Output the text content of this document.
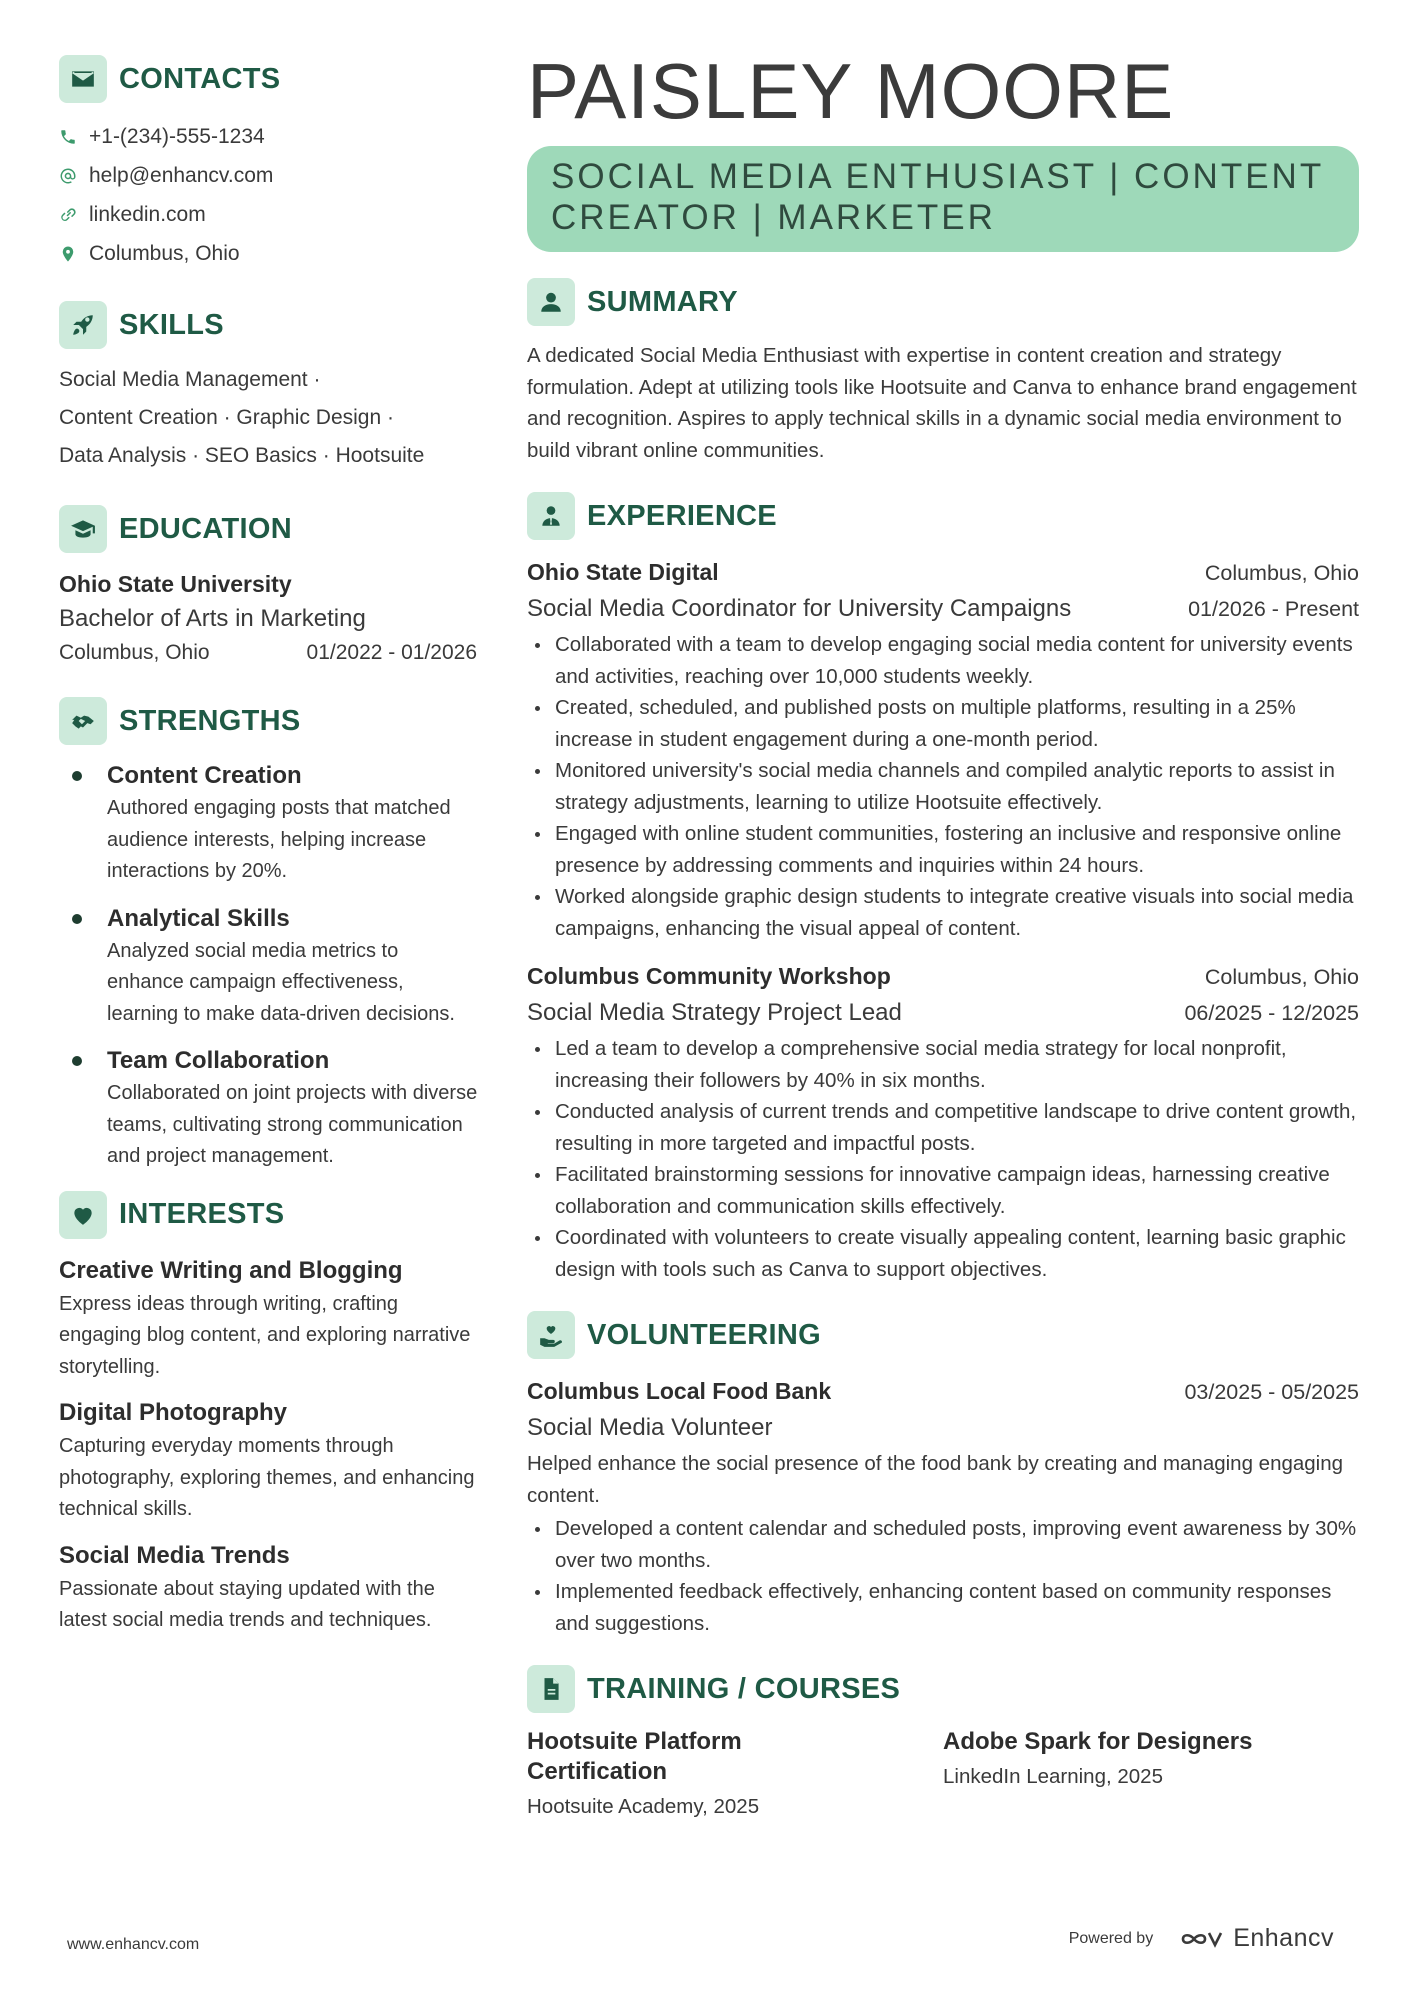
CONTACTS
+1-(234)-555-1234
help@enhancv.com
linkedin.com
Columbus, Ohio
SKILLS
Social Media Management ·
Content Creation · Graphic Design ·
Data Analysis · SEO Basics · Hootsuite
EDUCATION
Ohio State University
Bachelor of Arts in Marketing
Columbus, Ohio	01/2022 - 01/2026
STRENGTHS
Content Creation
Authored engaging posts that matched audience interests, helping increase interactions by 20%.
Analytical Skills
Analyzed social media metrics to enhance campaign effectiveness, learning to make data-driven decisions.
Team Collaboration
Collaborated on joint projects with diverse teams, cultivating strong communication and project management.
INTERESTS
Creative Writing and Blogging
Express ideas through writing, crafting engaging blog content, and exploring narrative storytelling.
Digital Photography
Capturing everyday moments through photography, exploring themes, and enhancing technical skills.
Social Media Trends
Passionate about staying updated with the latest social media trends and techniques.
PAISLEY MOORE
SOCIAL MEDIA ENTHUSIAST | CONTENT
CREATOR | MARKETER
SUMMARY
A dedicated Social Media Enthusiast with expertise in content creation and strategy formulation. Adept at utilizing tools like Hootsuite and Canva to enhance brand engagement and recognition. Aspires to apply technical skills in a dynamic social media environment to build vibrant online communities.
EXPERIENCE
Ohio State Digital	Columbus, Ohio
Social Media Coordinator for University Campaigns	01/2026 - Present
Collaborated with a team to develop engaging social media content for university events and activities, reaching over 10,000 students weekly.
Created, scheduled, and published posts on multiple platforms, resulting in a 25% increase in student engagement during a one-month period.
Monitored university's social media channels and compiled analytic reports to assist in strategy adjustments, learning to utilize Hootsuite effectively.
Engaged with online student communities, fostering an inclusive and responsive online presence by addressing comments and inquiries within 24 hours.
Worked alongside graphic design students to integrate creative visuals into social media campaigns, enhancing the visual appeal of content.
Columbus Community Workshop	Columbus, Ohio
Social Media Strategy Project Lead	06/2025 - 12/2025
Led a team to develop a comprehensive social media strategy for local nonprofit, increasing their followers by 40% in six months.
Conducted analysis of current trends and competitive landscape to drive content growth, resulting in more targeted and impactful posts.
Facilitated brainstorming sessions for innovative campaign ideas, harnessing creative collaboration and communication skills effectively.
Coordinated with volunteers to create visually appealing content, learning basic graphic design with tools such as Canva to support objectives.
VOLUNTEERING
Columbus Local Food Bank	03/2025 - 05/2025
Social Media Volunteer
Helped enhance the social presence of the food bank by creating and managing engaging content.
Developed a content calendar and scheduled posts, improving event awareness by 30% over two months.
Implemented feedback effectively, enhancing content based on community responses and suggestions.
TRAINING / COURSES
Hootsuite Platform Certification
Hootsuite Academy, 2025
Adobe Spark for Designers
LinkedIn Learning, 2025
www.enhancv.com	Powered by	Enhancv
